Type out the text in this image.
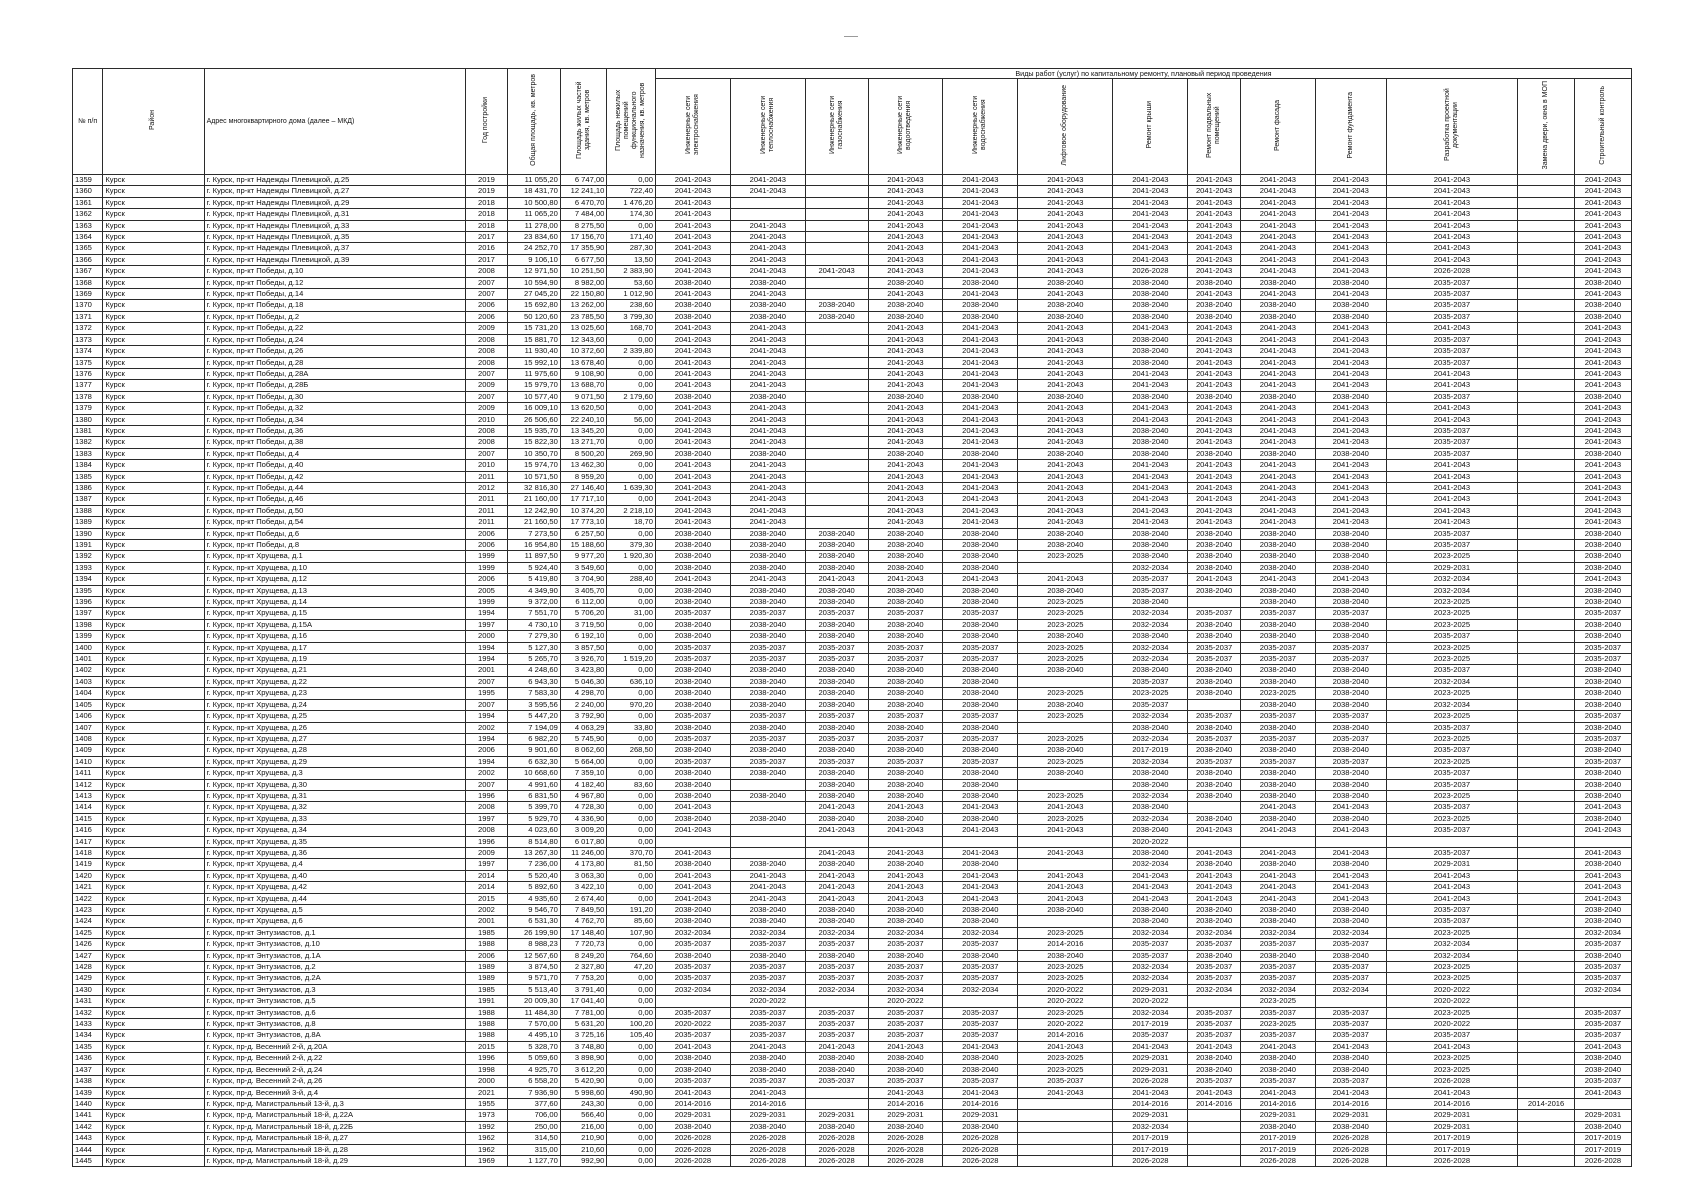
№ п/п	Район	Адрес многоквартирного дома (далее – МКД)	Год постройки	Общая площадь, кв. метров	Площадь жилых частей здания, кв. метров	Площадь нежилых помещений функционального назначения, кв. метров	Виды работ (услуг) по капитальному ремонту, плановый период проведения												
							Инженерные сети электроснабжения	Инженерные сети теплоснабжения	Инженерные сети газоснабжения	Инженерные сети водоотведения	Инженерные сети водоснабжения	Лифтовое оборудование	Ремонт крыши	Ремонт подвальных помещений	Ремонт фасада	Ремонт фундамента	Разработка проектной документации	Замена двери, окна в МОП	Строительный контроль
1359	Курск	г. Курск, пр-кт Надежды Плевицкой, д.25	2019	11 055,20	6 747,00	0,00	2041-2043	2041-2043		2041-2043	2041-2043	2041-2043	2041-2043	2041-2043	2041-2043	2041-2043	2041-2043		2041-2043
1360	Курск	г. Курск, пр-кт Надежды Плевицкой, д.27	2019	18 431,70	12 241,10	722,40	2041-2043	2041-2043		2041-2043	2041-2043	2041-2043	2041-2043	2041-2043	2041-2043	2041-2043	2041-2043		2041-2043
1361	Курск	г. Курск, пр-кт Надежды Плевицкой, д.29	2018	10 500,80	6 470,70	1 476,20	2041-2043			2041-2043	2041-2043	2041-2043	2041-2043	2041-2043	2041-2043	2041-2043	2041-2043		2041-2043
1362	Курск	г. Курск, пр-кт Надежды Плевицкой, д.31	2018	11 065,20	7 484,00	174,30	2041-2043			2041-2043	2041-2043	2041-2043	2041-2043	2041-2043	2041-2043	2041-2043	2041-2043		2041-2043
1363	Курск	г. Курск, пр-кт Надежды Плевицкой, д.33	2018	11 278,00	8 275,50	0,00	2041-2043	2041-2043		2041-2043	2041-2043	2041-2043	2041-2043	2041-2043	2041-2043	2041-2043	2041-2043		2041-2043
1364	Курск	г. Курск, пр-кт Надежды Плевицкой, д.35	2017	23 834,60	17 156,70	171,40	2041-2043	2041-2043		2041-2043	2041-2043	2041-2043	2041-2043	2041-2043	2041-2043	2041-2043	2041-2043		2041-2043
1365	Курск	г. Курск, пр-кт Надежды Плевицкой, д.37	2016	24 252,70	17 355,90	287,30	2041-2043	2041-2043		2041-2043	2041-2043	2041-2043	2041-2043	2041-2043	2041-2043	2041-2043	2041-2043		2041-2043
1366	Курск	г. Курск, пр-кт Надежды Плевицкой, д.39	2017	9 106,10	6 677,50	13,50	2041-2043	2041-2043		2041-2043	2041-2043	2041-2043	2041-2043	2041-2043	2041-2043	2041-2043	2041-2043		2041-2043
1367	Курск	г. Курск, пр-кт Победы, д.10	2008	12 971,50	10 251,50	2 383,90	2041-2043	2041-2043	2041-2043	2041-2043	2041-2043	2041-2043	2026-2028	2041-2043	2041-2043	2041-2043	2026-2028		2041-2043
1368	Курск	г. Курск, пр-кт Победы, д.12	2007	10 594,90	8 982,00	53,60	2038-2040	2038-2040		2038-2040	2038-2040	2038-2040	2038-2040	2038-2040	2038-2040	2038-2040	2035-2037		2038-2040
1369	Курск	г. Курск, пр-кт Победы, д.14	2007	27 045,20	22 150,80	1 012,90	2041-2043	2041-2043		2041-2043	2041-2043	2041-2043	2038-2040	2041-2043	2041-2043	2041-2043	2035-2037		2041-2043
1370	Курск	г. Курск, пр-кт Победы, д.18	2006	15 692,80	13 262,00	238,60	2038-2040	2038-2040	2038-2040	2038-2040	2038-2040	2038-2040	2038-2040	2038-2040	2038-2040	2038-2040	2035-2037		2038-2040
1371	Курск	г. Курск, пр-кт Победы, д.2	2006	50 120,60	23 785,50	3 799,30	2038-2040	2038-2040	2038-2040	2038-2040	2038-2040	2038-2040	2038-2040	2038-2040	2038-2040	2038-2040	2035-2037		2038-2040
1372	Курск	г. Курск, пр-кт Победы, д.22	2009	15 731,20	13 025,60	168,70	2041-2043	2041-2043		2041-2043	2041-2043	2041-2043	2041-2043	2041-2043	2041-2043	2041-2043	2041-2043		2041-2043
1373	Курск	г. Курск, пр-кт Победы, д.24	2008	15 881,70	12 343,60	0,00	2041-2043	2041-2043		2041-2043	2041-2043	2041-2043	2038-2040	2041-2043	2041-2043	2041-2043	2035-2037		2041-2043
1374	Курск	г. Курск, пр-кт Победы, д.26	2008	11 930,40	10 372,60	2 339,80	2041-2043	2041-2043		2041-2043	2041-2043	2041-2043	2038-2040	2041-2043	2041-2043	2041-2043	2035-2037		2041-2043
1375	Курск	г. Курск, пр-кт Победы, д.28	2008	15 992,10	13 678,40	0,00	2041-2043	2041-2043		2041-2043	2041-2043	2041-2043	2038-2040	2041-2043	2041-2043	2041-2043	2035-2037		2041-2043
1376	Курск	г. Курск, пр-кт Победы, д.28А	2007	11 975,60	9 108,90	0,00	2041-2043	2041-2043		2041-2043	2041-2043	2041-2043	2041-2043	2041-2043	2041-2043	2041-2043	2041-2043		2041-2043
1377	Курск	г. Курск, пр-кт Победы, д.28Б	2009	15 979,70	13 688,70	0,00	2041-2043	2041-2043		2041-2043	2041-2043	2041-2043	2041-2043	2041-2043	2041-2043	2041-2043	2041-2043		2041-2043
1378	Курск	г. Курск, пр-кт Победы, д.30	2007	10 577,40	9 071,50	2 179,60	2038-2040	2038-2040		2038-2040	2038-2040	2038-2040	2038-2040	2038-2040	2038-2040	2038-2040	2035-2037		2038-2040
1379	Курск	г. Курск, пр-кт Победы, д.32	2009	16 009,10	13 620,50	0,00	2041-2043	2041-2043		2041-2043	2041-2043	2041-2043	2041-2043	2041-2043	2041-2043	2041-2043	2041-2043		2041-2043
1380	Курск	г. Курск, пр-кт Победы, д.34	2010	26 506,60	22 240,10	56,00	2041-2043	2041-2043		2041-2043	2041-2043	2041-2043	2041-2043	2041-2043	2041-2043	2041-2043	2041-2043		2041-2043
1381	Курск	г. Курск, пр-кт Победы, д.36	2008	15 935,70	13 345,20	0,00	2041-2043	2041-2043		2041-2043	2041-2043	2041-2043	2038-2040	2041-2043	2041-2043	2041-2043	2035-2037		2041-2043
1382	Курск	г. Курск, пр-кт Победы, д.38	2008	15 822,30	13 271,70	0,00	2041-2043	2041-2043		2041-2043	2041-2043	2041-2043	2038-2040	2041-2043	2041-2043	2041-2043	2035-2037		2041-2043
1383	Курск	г. Курск, пр-кт Победы, д.4	2007	10 350,70	8 500,20	269,90	2038-2040	2038-2040		2038-2040	2038-2040	2038-2040	2038-2040	2038-2040	2038-2040	2038-2040	2035-2037		2038-2040
1384	Курск	г. Курск, пр-кт Победы, д.40	2010	15 974,70	13 462,30	0,00	2041-2043	2041-2043		2041-2043	2041-2043	2041-2043	2041-2043	2041-2043	2041-2043	2041-2043	2041-2043		2041-2043
1385	Курск	г. Курск, пр-кт Победы, д.42	2011	10 571,50	8 959,20	0,00	2041-2043	2041-2043		2041-2043	2041-2043	2041-2043	2041-2043	2041-2043	2041-2043	2041-2043	2041-2043		2041-2043
1386	Курск	г. Курск, пр-кт Победы, д.44	2012	32 816,30	27 146,40	1 639,30	2041-2043	2041-2043		2041-2043	2041-2043	2041-2043	2041-2043	2041-2043	2041-2043	2041-2043	2041-2043		2041-2043
1387	Курск	г. Курск, пр-кт Победы, д.46	2011	21 160,00	17 717,10	0,00	2041-2043	2041-2043		2041-2043	2041-2043	2041-2043	2041-2043	2041-2043	2041-2043	2041-2043	2041-2043		2041-2043
1388	Курск	г. Курск, пр-кт Победы, д.50	2011	12 242,90	10 374,20	2 218,10	2041-2043	2041-2043		2041-2043	2041-2043	2041-2043	2041-2043	2041-2043	2041-2043	2041-2043	2041-2043		2041-2043
1389	Курск	г. Курск, пр-кт Победы, д.54	2011	21 160,50	17 773,10	18,70	2041-2043	2041-2043		2041-2043	2041-2043	2041-2043	2041-2043	2041-2043	2041-2043	2041-2043	2041-2043		2041-2043
1390	Курск	г. Курск, пр-кт Победы, д.6	2006	7 273,50	6 257,50	0,00	2038-2040	2038-2040	2038-2040	2038-2040	2038-2040	2038-2040	2038-2040	2038-2040	2038-2040	2038-2040	2035-2037		2038-2040
1391	Курск	г. Курск, пр-кт Победы, д.8	2006	16 954,80	15 188,60	379,30	2038-2040	2038-2040	2038-2040	2038-2040	2038-2040	2038-2040	2038-2040	2038-2040	2038-2040	2038-2040	2035-2037		2038-2040
1392	Курск	г. Курск, пр-кт Хрущева, д.1	1999	11 897,50	9 977,20	1 920,30	2038-2040	2038-2040	2038-2040	2038-2040	2038-2040	2023-2025	2038-2040	2038-2040	2038-2040	2038-2040	2023-2025		2038-2040
1393	Курск	г. Курск, пр-кт Хрущева, д.10	1999	5 924,40	3 549,60	0,00	2038-2040	2038-2040	2038-2040	2038-2040	2038-2040		2032-2034	2038-2040	2038-2040	2038-2040	2029-2031		2038-2040
1394	Курск	г. Курск, пр-кт Хрущева, д.12	2006	5 419,80	3 704,90	288,40	2041-2043	2041-2043	2041-2043	2041-2043	2041-2043	2041-2043	2035-2037	2041-2043	2041-2043	2041-2043	2032-2034		2041-2043
1395	Курск	г. Курск, пр-кт Хрущева, д.13	2005	4 349,90	3 405,70	0,00	2038-2040	2038-2040	2038-2040	2038-2040	2038-2040	2038-2040	2035-2037	2038-2040	2038-2040	2038-2040	2032-2034		2038-2040
1396	Курск	г. Курск, пр-кт Хрущева, д.14	1999	9 372,00	6 112,00	0,00	2038-2040	2038-2040	2038-2040	2038-2040	2038-2040	2023-2025	2038-2040		2038-2040	2038-2040	2023-2025		2038-2040
1397	Курск	г. Курск, пр-кт Хрущева, д.15	1994	7 551,70	5 706,20	31,00	2035-2037	2035-2037	2035-2037	2035-2037	2035-2037	2023-2025	2032-2034	2035-2037	2035-2037	2035-2037	2023-2025		2035-2037
1398	Курск	г. Курск, пр-кт Хрущева, д.15А	1997	4 730,10	3 719,50	0,00	2038-2040	2038-2040	2038-2040	2038-2040	2038-2040	2023-2025	2032-2034	2038-2040	2038-2040	2038-2040	2023-2025		2038-2040
1399	Курск	г. Курск, пр-кт Хрущева, д.16	2000	7 279,30	6 192,10	0,00	2038-2040	2038-2040	2038-2040	2038-2040	2038-2040	2038-2040	2038-2040	2038-2040	2038-2040	2038-2040	2035-2037		2038-2040
1400	Курск	г. Курск, пр-кт Хрущева, д.17	1994	5 127,30	3 857,50	0,00	2035-2037	2035-2037	2035-2037	2035-2037	2035-2037	2023-2025	2032-2034	2035-2037	2035-2037	2035-2037	2023-2025		2035-2037
1401	Курск	г. Курск, пр-кт Хрущева, д.19	1994	5 265,70	3 926,70	1 519,20	2035-2037	2035-2037	2035-2037	2035-2037	2035-2037	2023-2025	2032-2034	2035-2037	2035-2037	2035-2037	2023-2025		2035-2037
1402	Курск	г. Курск, пр-кт Хрущева, д.21	2001	4 248,60	3 423,80	0,00	2038-2040	2038-2040	2038-2040	2038-2040	2038-2040	2038-2040	2038-2040	2038-2040	2038-2040	2038-2040	2035-2037		2038-2040
1403	Курск	г. Курск, пр-кт Хрущева, д.22	2007	6 943,30	5 046,30	636,10	2038-2040	2038-2040	2038-2040	2038-2040	2038-2040		2035-2037	2038-2040	2038-2040	2038-2040	2032-2034		2038-2040
1404	Курск	г. Курск, пр-кт Хрущева, д.23	1995	7 583,30	4 298,70	0,00	2038-2040	2038-2040	2038-2040	2038-2040	2038-2040	2023-2025	2023-2025	2038-2040	2023-2025	2038-2040	2023-2025		2038-2040
1405	Курск	г. Курск, пр-кт Хрущева, д.24	2007	3 595,56	2 240,00	970,20	2038-2040	2038-2040	2038-2040	2038-2040	2038-2040	2038-2040	2035-2037		2038-2040	2038-2040	2032-2034		2038-2040
1406	Курск	г. Курск, пр-кт Хрущева, д.25	1994	5 447,20	3 792,90	0,00	2035-2037	2035-2037	2035-2037	2035-2037	2035-2037	2023-2025	2032-2034	2035-2037	2035-2037	2035-2037	2023-2025		2035-2037
1407	Курск	г. Курск, пр-кт Хрущева, д.26	2002	7 194,09	4 063,29	33,80	2038-2040	2038-2040	2038-2040	2038-2040	2038-2040		2038-2040	2038-2040	2038-2040	2038-2040	2035-2037		2038-2040
1408	Курск	г. Курск, пр-кт Хрущева, д.27	1994	6 982,20	5 745,90	0,00	2035-2037	2035-2037	2035-2037	2035-2037	2035-2037	2023-2025	2032-2034	2035-2037	2035-2037	2035-2037	2023-2025		2035-2037
1409	Курск	г. Курск, пр-кт Хрущева, д.28	2006	9 901,60	8 062,60	268,50	2038-2040	2038-2040	2038-2040	2038-2040	2038-2040	2038-2040	2017-2019	2038-2040	2038-2040	2038-2040	2035-2037		2038-2040
1410	Курск	г. Курск, пр-кт Хрущева, д.29	1994	6 632,30	5 664,00	0,00	2035-2037	2035-2037	2035-2037	2035-2037	2035-2037	2023-2025	2032-2034	2035-2037	2035-2037	2035-2037	2023-2025		2035-2037
1411	Курск	г. Курск, пр-кт Хрущева, д.3	2002	10 668,60	7 359,10	0,00	2038-2040	2038-2040	2038-2040	2038-2040	2038-2040	2038-2040	2038-2040	2038-2040	2038-2040	2038-2040	2035-2037		2038-2040
1412	Курск	г. Курск, пр-кт Хрущева, д.30	2007	4 991,60	4 182,40	83,60	2038-2040		2038-2040	2038-2040	2038-2040		2038-2040	2038-2040	2038-2040	2038-2040	2035-2037		2038-2040
1413	Курск	г. Курск, пр-кт Хрущева, д.31	1996	6 831,50	4 967,80	0,00	2038-2040	2038-2040	2038-2040	2038-2040	2038-2040	2023-2025	2032-2034	2038-2040	2038-2040	2038-2040	2023-2025		2038-2040
1414	Курск	г. Курск, пр-кт Хрущева, д.32	2008	5 399,70	4 728,30	0,00	2041-2043		2041-2043	2041-2043	2041-2043	2041-2043	2038-2040		2041-2043	2041-2043	2035-2037		2041-2043
1415	Курск	г. Курск, пр-кт Хрущева, д.33	1997	5 929,70	4 336,90	0,00	2038-2040	2038-2040	2038-2040	2038-2040	2038-2040	2023-2025	2032-2034	2038-2040	2038-2040	2038-2040	2023-2025		2038-2040
1416	Курск	г. Курск, пр-кт Хрущева, д.34	2008	4 023,60	3 009,20	0,00	2041-2043		2041-2043	2041-2043	2041-2043	2041-2043	2038-2040	2041-2043	2041-2043	2041-2043	2035-2037		2041-2043
1417	Курск	г. Курск, пр-кт Хрущева, д.35	1996	8 514,80	6 017,80	0,00							2020-2022						
1418	Курск	г. Курск, пр-кт Хрущева, д.36	2009	13 267,30	11 246,00	370,70	2041-2043		2041-2043	2041-2043	2041-2043	2041-2043	2038-2040	2041-2043	2041-2043	2041-2043	2035-2037		2041-2043
1419	Курск	г. Курск, пр-кт Хрущева, д.4	1997	7 236,00	4 173,80	81,50	2038-2040	2038-2040	2038-2040	2038-2040	2038-2040		2032-2034	2038-2040	2038-2040	2038-2040	2029-2031		2038-2040
1420	Курск	г. Курск, пр-кт Хрущева, д.40	2014	5 520,40	3 063,30	0,00	2041-2043	2041-2043	2041-2043	2041-2043	2041-2043	2041-2043	2041-2043	2041-2043	2041-2043	2041-2043	2041-2043		2041-2043
1421	Курск	г. Курск, пр-кт Хрущева, д.42	2014	5 892,60	3 422,10	0,00	2041-2043	2041-2043	2041-2043	2041-2043	2041-2043	2041-2043	2041-2043	2041-2043	2041-2043	2041-2043	2041-2043		2041-2043
1422	Курск	г. Курск, пр-кт Хрущева, д.44	2015	4 935,60	2 674,40	0,00	2041-2043	2041-2043	2041-2043	2041-2043	2041-2043	2041-2043	2041-2043	2041-2043	2041-2043	2041-2043	2041-2043		2041-2043
1423	Курск	г. Курск, пр-кт Хрущева, д.5	2002	9 546,70	7 849,50	191,20	2038-2040	2038-2040	2038-2040	2038-2040	2038-2040	2038-2040	2038-2040	2038-2040	2038-2040	2038-2040	2035-2037		2038-2040
1424	Курск	г. Курск, пр-кт Хрущева, д.6	2001	6 531,30	4 762,70	85,60	2038-2040	2038-2040	2038-2040	2038-2040	2038-2040		2038-2040	2038-2040	2038-2040	2038-2040	2035-2037		2038-2040
1425	Курск	г. Курск, пр-кт Энтузиастов, д.1	1985	26 199,90	17 148,40	107,90	2032-2034	2032-2034	2032-2034	2032-2034	2032-2034	2023-2025	2032-2034	2032-2034	2032-2034	2032-2034	2023-2025		2032-2034
1426	Курск	г. Курск, пр-кт Энтузиастов, д.10	1988	8 988,23	7 720,73	0,00	2035-2037	2035-2037	2035-2037	2035-2037	2035-2037	2014-2016	2035-2037	2035-2037	2035-2037	2035-2037	2032-2034		2035-2037
1427	Курск	г. Курск, пр-кт Энтузиастов, д.1А	2006	12 567,60	8 249,20	764,60	2038-2040	2038-2040	2038-2040	2038-2040	2038-2040	2038-2040	2035-2037	2038-2040	2038-2040	2038-2040	2032-2034		2038-2040
1428	Курск	г. Курск, пр-кт Энтузиастов, д.2	1989	3 874,50	2 327,80	47,20	2035-2037	2035-2037	2035-2037	2035-2037	2035-2037	2023-2025	2032-2034	2035-2037	2035-2037	2035-2037	2023-2025		2035-2037
1429	Курск	г. Курск, пр-кт Энтузиастов, д.2А	1989	9 571,70	7 753,20	0,00	2035-2037	2035-2037	2035-2037	2035-2037	2035-2037	2023-2025	2032-2034	2035-2037	2035-2037	2035-2037	2023-2025		2035-2037
1430	Курск	г. Курск, пр-кт Энтузиастов, д.3	1985	5 513,40	3 791,40	0,00	2032-2034	2032-2034	2032-2034	2032-2034	2032-2034	2020-2022	2029-2031	2032-2034	2032-2034	2032-2034	2020-2022		2032-2034
1431	Курск	г. Курск, пр-кт Энтузиастов, д.5	1991	20 009,30	17 041,40	0,00		2020-2022		2020-2022		2020-2022	2020-2022		2023-2025		2020-2022		
1432	Курск	г. Курск, пр-кт Энтузиастов, д.6	1988	11 484,30	7 781,00	0,00	2035-2037	2035-2037	2035-2037	2035-2037	2035-2037	2023-2025	2032-2034	2035-2037	2035-2037	2035-2037	2023-2025		2035-2037
1433	Курск	г. Курск, пр-кт Энтузиастов, д.8	1988	7 570,00	5 631,20	100,20	2020-2022	2035-2037	2035-2037	2035-2037	2035-2037	2020-2022	2017-2019	2035-2037	2023-2025	2035-2037	2020-2022		2035-2037
1434	Курск	г. Курск, пр-кт Энтузиастов, д.8А	1988	4 495,10	3 725,16	105,40	2035-2037	2035-2037	2035-2037	2035-2037	2035-2037	2014-2016	2035-2037	2035-2037	2035-2037	2035-2037	2035-2037		2035-2037
1435	Курск	г. Курск, пр-д. Весенний 2-й, д.20А	2015	5 328,70	3 748,80	0,00	2041-2043	2041-2043	2041-2043	2041-2043	2041-2043	2041-2043	2041-2043	2041-2043	2041-2043	2041-2043	2041-2043		2041-2043
1436	Курск	г. Курск, пр-д. Весенний 2-й, д.22	1996	5 059,60	3 898,90	0,00	2038-2040	2038-2040	2038-2040	2038-2040	2038-2040	2023-2025	2029-2031	2038-2040	2038-2040	2038-2040	2023-2025		2038-2040
1437	Курск	г. Курск, пр-д. Весенний 2-й, д.24	1998	4 925,70	3 612,20	0,00	2038-2040	2038-2040	2038-2040	2038-2040	2038-2040	2023-2025	2029-2031	2038-2040	2038-2040	2038-2040	2023-2025		2038-2040
1438	Курск	г. Курск, пр-д. Весенний 2-й, д.26	2000	6 558,20	5 420,90	0,00	2035-2037	2035-2037	2035-2037	2035-2037	2035-2037	2035-2037	2026-2028	2035-2037	2035-2037	2035-2037	2026-2028		2035-2037
1439	Курск	г. Курск, пр-д. Весенний 3-й, д.4	2021	7 936,90	5 998,60	490,90	2041-2043	2041-2043		2041-2043	2041-2043	2041-2043	2041-2043	2041-2043	2041-2043	2041-2043	2041-2043		2041-2043
1440	Курск	г. Курск, пр-д. Магистральный 13-й, д.3	1955	377,60	243,30	0,00	2014-2016	2014-2016		2014-2016	2014-2016		2014-2016	2014-2016	2014-2016	2014-2016	2014-2016	2014-2016	
1441	Курск	г. Курск, пр-д. Магистральный 18-й, д.22А	1973	706,00	566,40	0,00	2029-2031	2029-2031	2029-2031	2029-2031	2029-2031		2029-2031		2029-2031	2029-2031	2029-2031		2029-2031
1442	Курск	г. Курск, пр-д. Магистральный 18-й, д.22Б	1992	250,00	216,00	0,00	2038-2040	2038-2040	2038-2040	2038-2040	2038-2040		2032-2034		2038-2040	2038-2040	2029-2031		2038-2040
1443	Курск	г. Курск, пр-д. Магистральный 18-й, д.27	1962	314,50	210,90	0,00	2026-2028	2026-2028	2026-2028	2026-2028	2026-2028		2017-2019		2017-2019	2026-2028	2017-2019		2017-2019
1444	Курск	г. Курск, пр-д. Магистральный 18-й, д.28	1962	315,00	210,60	0,00	2026-2028	2026-2028	2026-2028	2026-2028	2026-2028		2017-2019		2017-2019	2026-2028	2017-2019		2017-2019
1445	Курск	г. Курск, пр-д. Магистральный 18-й, д.29	1969	1 127,70	992,90	0,00	2026-2028	2026-2028	2026-2028	2026-2028	2026-2028		2026-2028		2026-2028	2026-2028	2026-2028		2026-2028
